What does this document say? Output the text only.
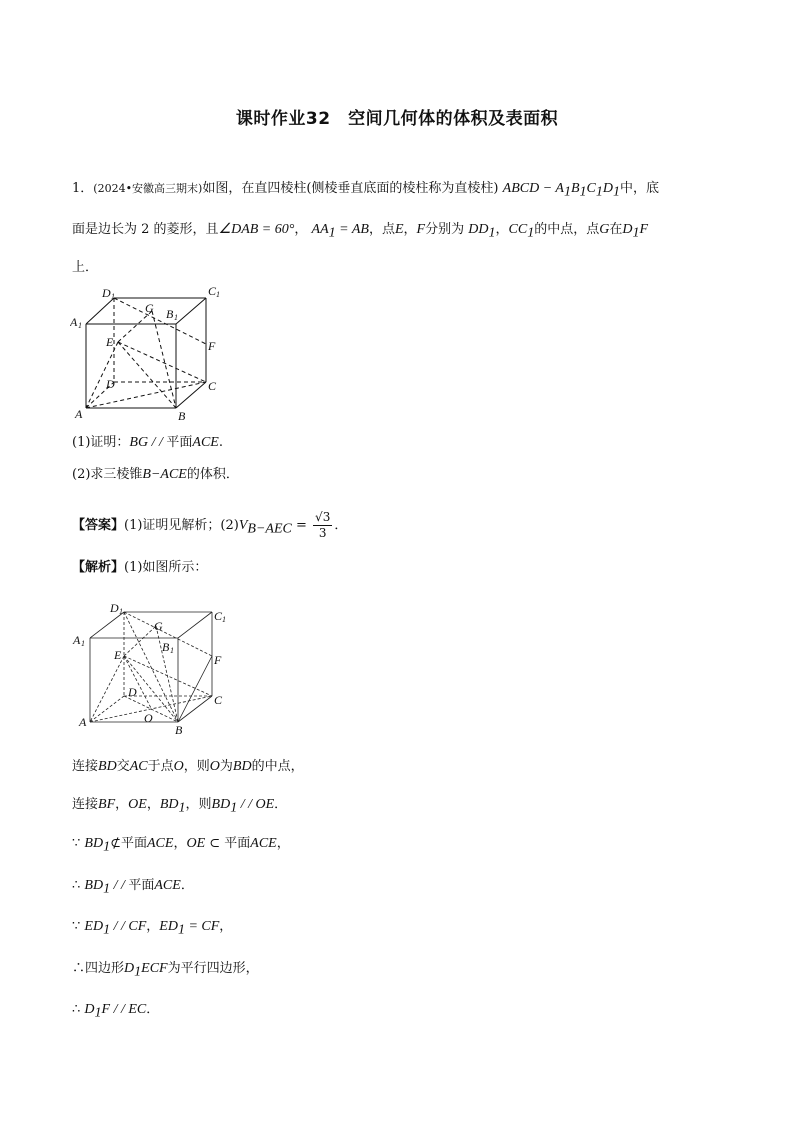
课时作业32　空间几何体的体积及表面积
1．(2024•安徽高三期末)如图，在直四棱柱(侧棱垂直底面的棱柱称为直棱柱) ABCD − $A_1B_1C_1D_1$中，底
面是边长为 2 的菱形，且∠DAB = 60°， $AA_1$ = AB，点E，F分别为 $DD_1$，$CC_1$的中点，点G在$D_1F$
上．
D 1	C 1
A 1
B 1
G
E	F
D	C
A	B
(1)证明：BG / / 平面ACE.
(2)求三棱锥B−ACE的体积．
【答案】(1)证明见解析；$(2)V_{B-AEC} = \frac{√3}{3}$ ．
【解析】(1)如图所示：
D 1	C 1
A 1	B 1
G
E	F
D
C
A	O
B
连接BD交AC于点O，则O为BD的中点，
连接BF，OE，$BD_1$，则$BD_1$ / / OE．
∵ $BD_1⊄$平面ACE，OE ⊂ 平面ACE，
∴ $BD_1$ / / 平面ACE．
∵ $ED_1$ / / CF，$ED_1$ = CF，
∴四边形$D_1ECF$为平行四边形，
∴ $D_1F$ / / EC．
